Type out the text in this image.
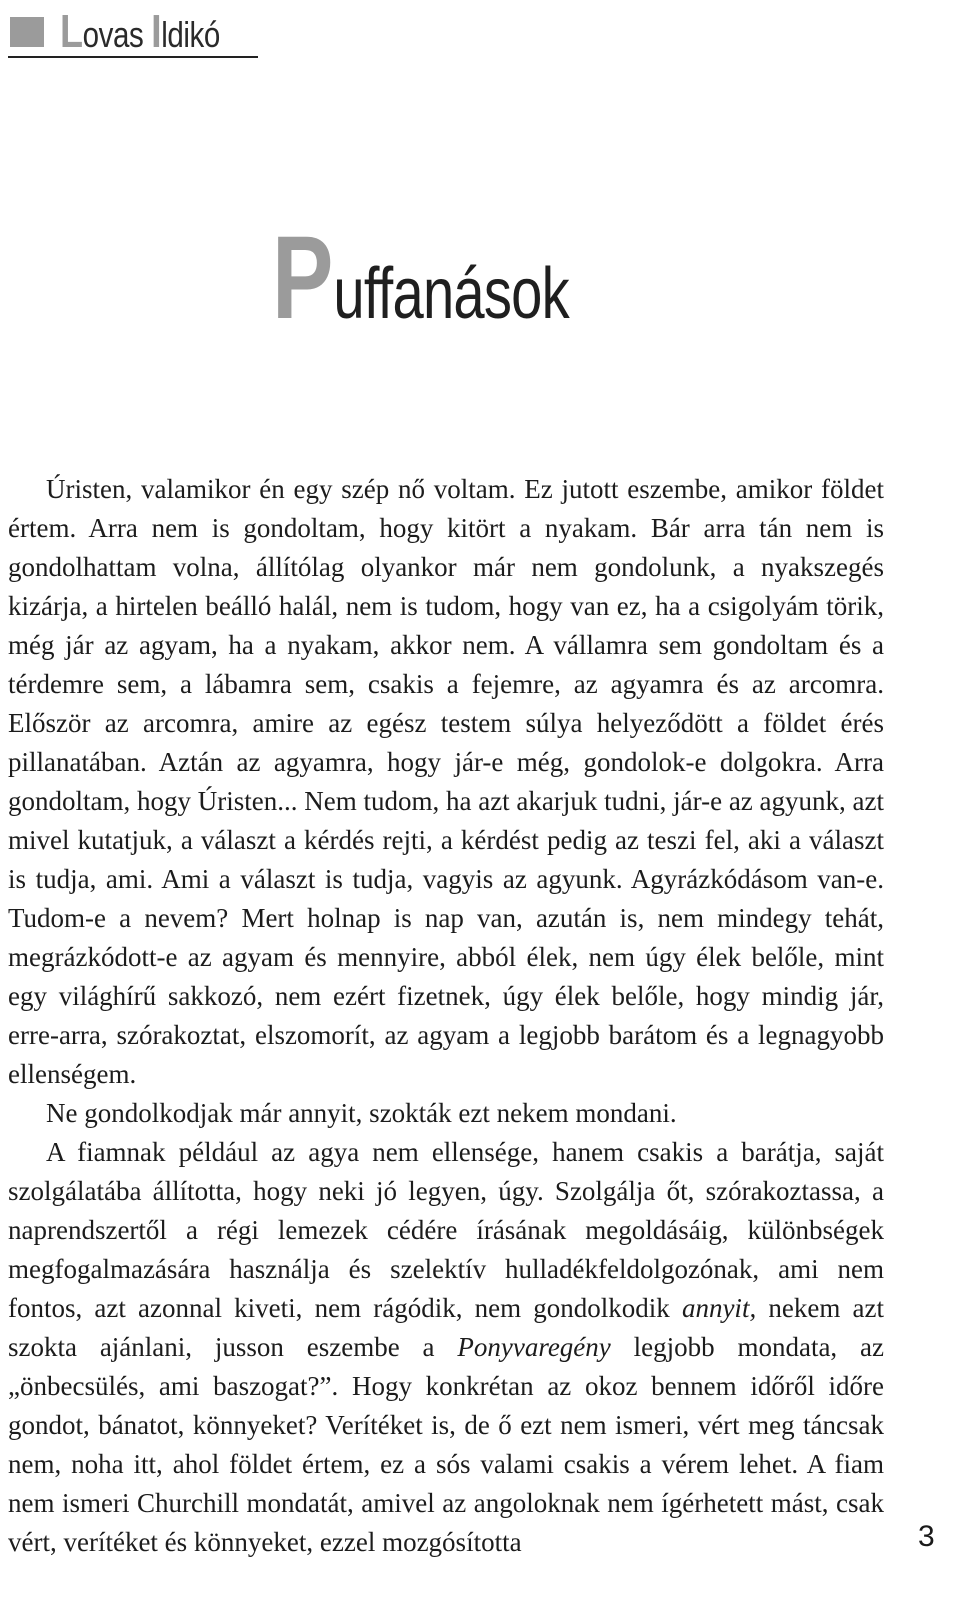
Lovas Ildikó
Puffanások

Úristen, valamikor én egy szép nő voltam. Ez jutott eszembe, amikor földet értem. Arra nem is gondoltam, hogy kitört a nyakam. Bár arra tán nem is gondolhattam volna, állítólag olyankor már nem gondolunk, a nyakszegés kizárja, a hirtelen beálló halál, nem is tudom, hogy van ez, ha a csigolyám törik, még jár az agyam, ha a nyakam, akkor nem. A vállamra sem gondoltam és a térdemre sem, a lábamra sem, csakis a fejemre, az agyamra és az arcomra. Először az arcomra, amire az egész testem súlya helyeződött a földet érés pillanatában. Aztán az agyamra, hogy jár-e még, gondolok-e dolgokra. Arra gondoltam, hogy Úristen... Nem tudom, ha azt akarjuk tudni, jár-e az agyunk, azt mivel kutatjuk, a választ a kérdés rejti, a kérdést pedig az teszi fel, aki a választ is tudja, ami. Ami a választ is tudja, vagyis az agyunk. Agyrázkódásom van-e. Tudom-e a nevem? Mert holnap is nap van, azután is, nem mindegy tehát, megrázkódott-e az agyam és mennyire, abból élek, nem úgy élek belőle, mint egy világhírű sakkozó, nem ezért fizetnek, úgy élek belőle, hogy mindig jár, erre-arra, szórakoztat, elszomorít, az agyam a legjobb barátom és a legnagyobb ellenségem.

Ne gondolkodjak már annyit, szokták ezt nekem mondani.

A fiamnak például az agya nem ellensége, hanem csakis a barátja, saját szolgálatába állította, hogy neki jó legyen, úgy. Szolgálja őt, szórakoztassa, a naprendszertől a régi lemezek cédére írásának megoldásáig, különbségek megfogalmazására használja és szelektív hulladékfeldolgozónak, ami nem fontos, azt azonnal kiveti, nem rágódik, nem gondolkodik annyit, nekem azt szokta ajánlani, jusson eszembe a Ponyvaregény legjobb mondata, az „önbecsülés, ami baszogat?”. Hogy konkrétan az okoz bennem időről időre gondot, bánatot, könnyeket? Verítéket is, de ő ezt nem ismeri, vért meg táncsak nem, noha itt, ahol földet értem, ez a sós valami csakis a vérem lehet. A fiam nem ismeri Churchill mondatát, amivel az angoloknak nem ígérhetett mást, csak vért, verítéket és könnyeket, ezzel mozgósította	3
